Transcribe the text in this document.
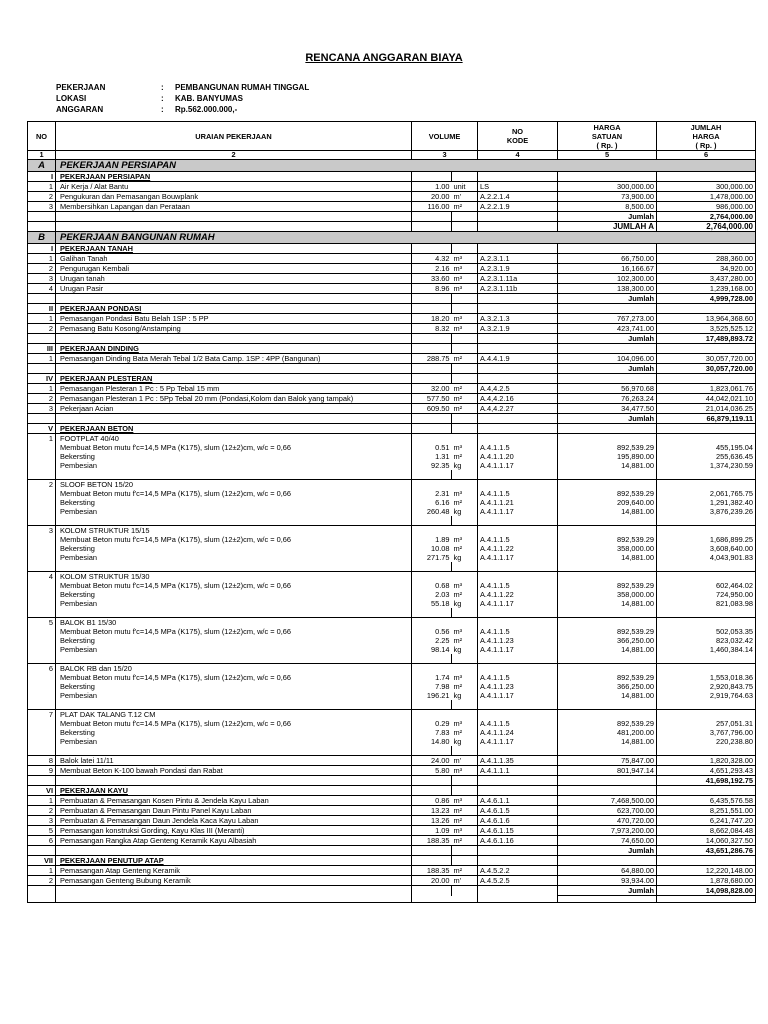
RENCANA ANGGARAN BIAYA
PEKERJAAN	:	PEMBANGUNAN RUMAH TINGGAL
LOKASI	:	KAB. BANYUMAS
ANGGARAN	:	Rp.562.000.000,-
NO	URAIAN PEKERJAAN	VOLUME		NO
KODE	HARGA
SATUAN
( Rp. )	JUMLAH
HARGA
( Rp. )
1	2	3		4	5	6
A	PEKERJAAN PERSIAPAN					
I	PEKERJAAN PERSIAPAN					
1	Air Kerja / Alat Bantu	1.00	unit	LS	300,000.00	300,000.00
2	Pengukuran dan Pemasangan Bouwplank	20.00	m'	A.2.2.1.4	73,900.00	1,478,000.00
3	Membersihkan Lapangan dan Perataan	116.00	m²	A.2.2.1.9	8,500.00	986,000.00
					Jumlah	2,764,000.00
					JUMLAH A	2,764,000.00
B	PEKERJAAN BANGUNAN RUMAH					
I	PEKERJAAN TANAH					
1	Galihan Tanah	4.32	m³	A.2.3.1.1	66,750.00	288,360.00
2	Pengurugan Kembali	2.16	m³	A.2.3.1.9	16,166.67	34,920.00
3	Urugan tanah	33.60	m³	A.2.3.1.11a	102,300.00	3,437,280.00
4	Urugan Pasir	8.96	m³	A.2.3.1.11b	138,300.00	1,239,168.00
					Jumlah	4,999,728.00
II	PEKERJAAN PONDASI					
1	Pemasangan Pondasi Batu Belah 1SP : 5 PP	18.20	m³	A.3.2.1.3	767,273.00	13,964,368.60
2	Pemasang Batu Kosong/Anstamping	8.32	m³	A.3.2.1.9	423,741.00	3,525,525.12
					Jumlah	17,489,893.72
III	PEKERJAAN DINDING					
1	Pemasangan Dinding Bata Merah Tebal 1/2 Bata Camp. 1SP : 4PP (Bangunan)	288.75	m²	A.4.4.1.9	104,096.00	30,057,720.00
					Jumlah	30,057,720.00
IV	PEKERJAAN PLESTERAN					
1	Pemasangan Plesteran 1 Pc : 5 Pp Tebal 15 mm	32.00	m²	A.4,4.2.5	56,970.68	1,823,061.76
2	Pemasangan Plesteran 1 Pc : 5Pp Tebal 20 mm (Pondasi,Kolom dan Balok yang tampak)	577.50	m²	A.4,4.2.16	76,263.24	44,042,021.10
3	Pekerjaan Acian	609.50	m²	A.4,4.2.27	34,477.50	21,014,036.25
					Jumlah	66,879,119.11
V	PEKERJAAN BETON					
1	FOOTPLAT 40/40					
	Membuat Beton mutu f'c=14,5 MPa (K175), slum (12±2)cm, w/c = 0,66	0.51	m³	A.4.1.1.5	892,539.29	455,195.04
	Bekersting	1.31	m²	A.4.1.1.20	195,890.00	255,636.45
	Pembesian	92.35	kg	A.4.1.1.17	14,881.00	1,374,230.59

2	SLOOF BETON 15/20					
	Membuat Beton mutu f'c=14,5 MPa (K175), slum (12±2)cm, w/c = 0,66	2.31	m³	A.4.1.1.5	892,539.29	2,061,765.75
	Bekersting	6.16	m²	A.4.1.1.21	209,640.00	1,291,382.40
	Pembesian	260.48	kg	A.4.1.1.17	14,881.00	3,876,239.26

3	KOLOM STRUKTUR 15/15					
	Membuat Beton mutu f'c=14,5 MPa (K175), slum (12±2)cm, w/c = 0,66	1.89	m³	A.4.1.1.5	892,539.29	1,686,899.25
	Bekersting	10.08	m²	A.4.1.1.22	358,000.00	3,608,640.00
	Pembesian	271.75	kg	A.4.1.1.17	14,881.00	4,043,901.83

4	KOLOM STRUKTUR 15/30					
	Membuat Beton mutu f'c=14,5 MPa (K175), slum (12±2)cm, w/c = 0,66	0.68	m³	A.4.1.1.5	892,539.29	602,464.02
	Bekersting	2.03	m²	A.4.1.1.22	358,000.00	724,950.00
	Pembesian	55.18	kg	A.4.1.1.17	14,881.00	821,083.98

5	BALOK B1 15/30					
	Membuat Beton mutu f'c=14,5 MPa (K175), slum (12±2)cm, w/c = 0,66	0.56	m³	A.4.1.1.5	892,539.29	502,053.35
	Bekersting	2.25	m²	A.4.1.1.23	366,250.00	823,032.42
	Pembesian	98.14	kg	A.4.1.1.17	14,881.00	1,460,384.14

6	BALOK RB dan 15/20					
	Membuat Beton mutu f'c=14,5 MPa (K175), slum (12±2)cm, w/c = 0,66	1.74	m³	A.4.1.1.5	892,539.29	1,553,018.36
	Bekersting	7.98	m²	A.4.1.1.23	366,250.00	2,920,843.75
	Pembesian	196.21	kg	A.4.1.1.17	14,881.00	2,919,764.63

7	PLAT DAK TALANG T.12 CM					
	Membuat Beton mutu f'c=14.5 MPa (K175), slum (12±2)cm, w/c = 0,66	0.29	m³	A.4.1.1.5	892,539.29	257,051.31
	Bekersting	7.83	m²	A.4.1.1.24	481,200.00	3,767,796.00
	Pembesian	14.80	kg	A.4.1.1.17	14,881.00	220,238.80

8	Balok latei 11/11	24.00	m'	A.4.1.1.35	75,847.00	1,820,328.00
9	Membuat Beton K-100 bawah Pondasi dan Rabat	5.80	m³	A.4.1.1.1	801,947.14	4,651,293.43
						41,698,192.75
VI	PEKERJAAN KAYU					
1	Pembuatan & Pemasangan Kosen Pintu & Jendela Kayu Laban	0.86	m³	A.4.6.1.1	7,468,500.00	6,435,576.58
2	Pembuatan & Pemasangan Daun Pintu Panel Kayu Laban	13.23	m²	A.4.6.1.5	623,700.00	8,251,551.00
3	Pembuatan & Pemasangan Daun Jendela Kaca Kayu Laban	13.26	m²	A.4.6.1.6	470,720.00	6,241,747.20
5	Pemasangan konstruksi Gording, Kayu Klas III (Meranti)	1.09	m³	A.4.6.1.15	7,973,200.00	8,662,084.48
6	Pemasangan Rangka Atap Genteng Keramik Kayu Albasiah	188.35	m²	A.4.6.1.16	74,650.00	14,060,327.50
					Jumlah	43,651,286.76
VII	PEKERJAAN PENUTUP ATAP					
1	Pemasangan Atap Genteng Keramik	188.35	m²	A.4.5.2.2	64,880.00	12,220,148.00
2	Pemasangan Genteng Bubung Keramik	20.00	m'	A.4.5.2.5	93,934.00	1,878,680.00
					Jumlah	14,098,828.00
